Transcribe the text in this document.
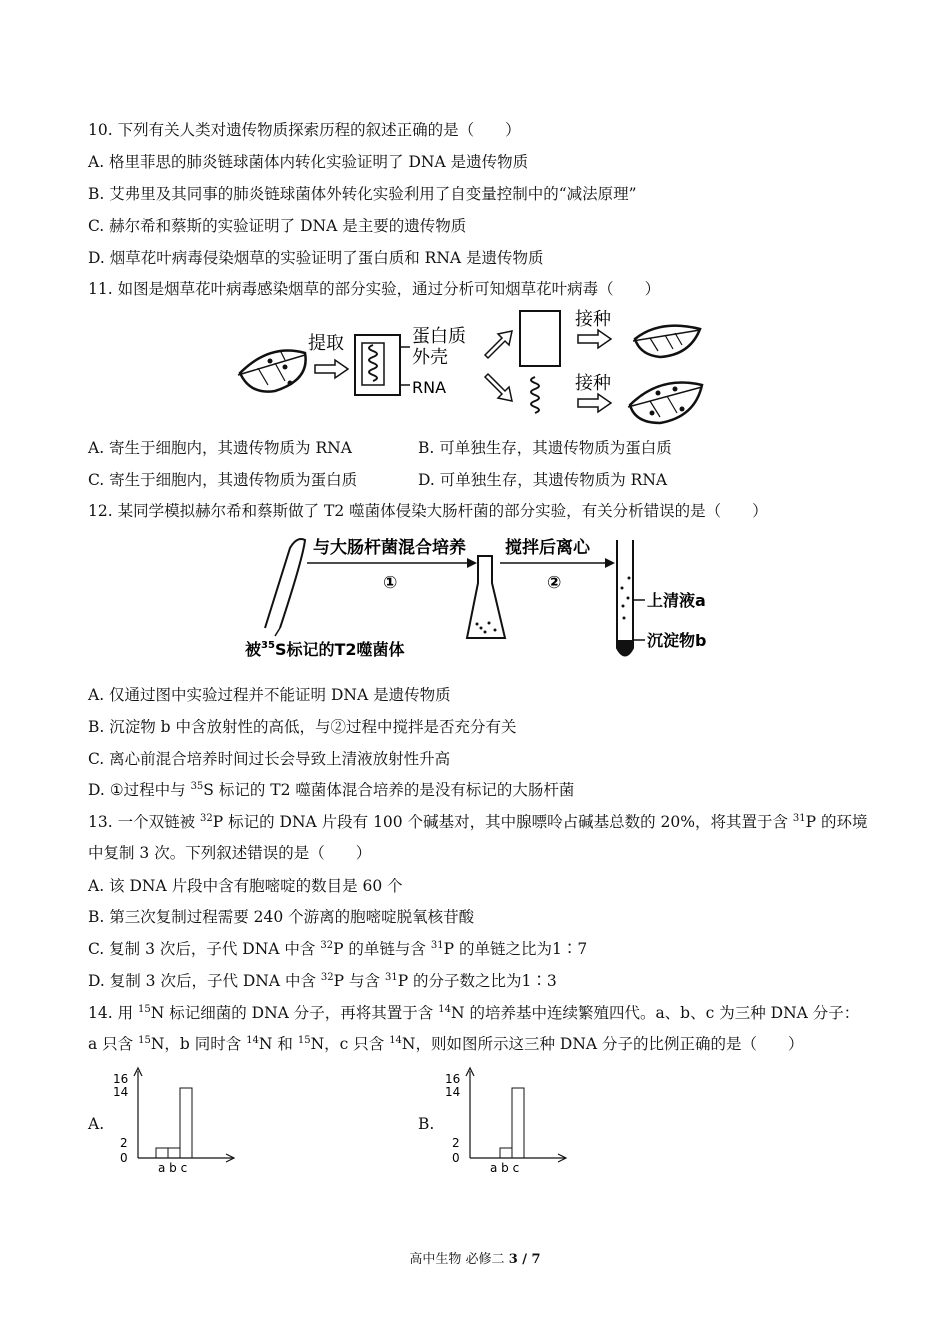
10. 下列有关人类对遗传物质探索历程的叙述正确的是（　　）
A. 格里菲思的肺炎链球菌体内转化实验证明了 DNA 是遗传物质
B. 艾弗里及其同事的肺炎链球菌体外转化实验利用了自变量控制中的“减法原理”
C. 赫尔希和蔡斯的实验证明了 DNA 是主要的遗传物质
D. 烟草花叶病毒侵染烟草的实验证明了蛋白质和 RNA 是遗传物质
11. 如图是烟草花叶病毒感染烟草的部分实验，通过分析可知烟草花叶病毒（　　）
提取	蛋白质
外壳
RNA
接种
接种
A. 寄生于细胞内，其遗传物质为 RNA	B. 可单独生存，其遗传物质为蛋白质
C. 寄生于细胞内，其遗传物质为蛋白质	D. 可单独生存，其遗传物质为 RNA
12. 某同学模拟赫尔希和蔡斯做了 T2 噬菌体侵染大肠杆菌的部分实验，有关分析错误的是（　　）
被$^{35}$S标记的T2噬菌体
与大肠杆菌混合培养
①
搅拌后离心
②
上清液a
沉淀物b
A. 仅通过图中实验过程并不能证明 DNA 是遗传物质
B. 沉淀物 b 中含放射性的高低，与②过程中搅拌是否充分有关
C. 离心前混合培养时间过长会导致上清液放射性升高
D. ①过程中与 $^{35}$S 标记的 T2 噬菌体混合培养的是没有标记的大肠杆菌
13. 一个双链被 $^{32}$P 标记的 DNA 片段有 100 个碱基对，其中腺嘌呤占碱基总数的 20%，将其置于含 $^{31}$P 的环境中复制 3 次。下列叙述错误的是（　　）
A. 该 DNA 片段中含有胞嘧啶的数目是 60 个
B. 第三次复制过程需要 240 个游离的胞嘧啶脱氧核苷酸
C. 复制 3 次后，子代 DNA 中含 $^{32}$P 的单链与含 $^{31}$P 的单链之比为1∶7
D. 复制 3 次后，子代 DNA 中含 $^{32}$P 与含 $^{31}$P 的分子数之比为1∶3
14. 用 $^{15}$N 标记细菌的 DNA 分子，再将其置于含 $^{14}$N 的培养基中连续繁殖四代。a、b、c 为三种 DNA 分子：a 只含 $^{15}$N，b 同时含 $^{14}$N 和 $^{15}$N，c 只含 $^{14}$N，则如图所示这三种 DNA 分子的比例正确的是（　　）
A.	B.
16
14
2
0
a b c
16
14
2
0
a b c
高中生物 必修二 3 / 7
